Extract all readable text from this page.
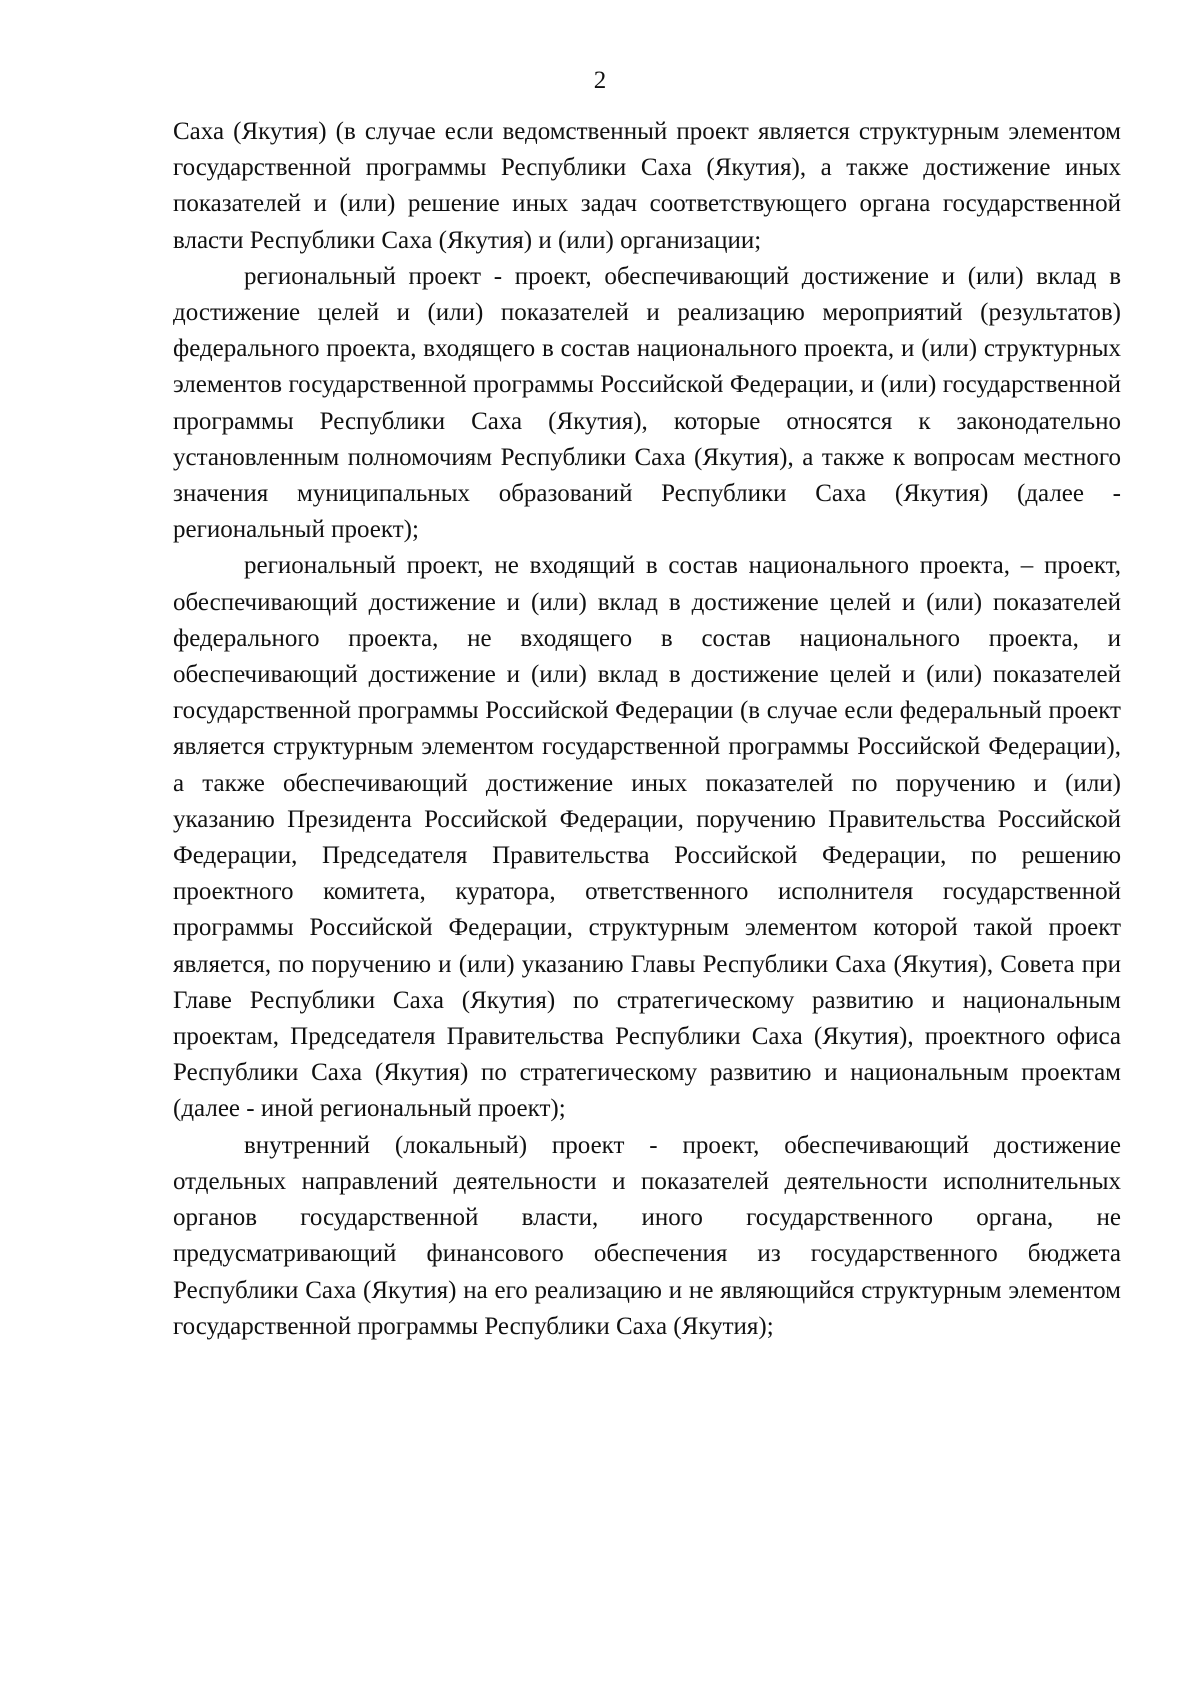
2

Саха (Якутия) (в случае если ведомственный проект является структурным элементом государственной программы Республики Саха (Якутия), а также достижение иных показателей и (или) решение иных задач соответствующего органа государственной власти Республики Саха (Якутия) и (или) организации;

региональный проект - проект, обеспечивающий достижение и (или) вклад в достижение целей и (или) показателей и реализацию мероприятий (результатов) федерального проекта, входящего в состав национального проекта, и (или) структурных элементов государственной программы Российской Федерации, и (или) государственной программы Республики Саха (Якутия), которые относятся к законодательно установленным полномочиям Республики Саха (Якутия), а также к вопросам местного значения муниципальных образований Республики Саха (Якутия) (далее - региональный проект);

региональный проект, не входящий в состав национального проекта, – проект, обеспечивающий достижение и (или) вклад в достижение целей и (или) показателей федерального проекта, не входящего в состав национального проекта, и обеспечивающий достижение и (или) вклад в достижение целей и (или) показателей государственной программы Российской Федерации (в случае если федеральный проект является структурным элементом государственной программы Российской Федерации), а также обеспечивающий достижение иных показателей по поручению и (или) указанию Президента Российской Федерации, поручению Правительства Российской Федерации, Председателя Правительства Российской Федерации, по решению проектного комитета, куратора, ответственного исполнителя государственной программы Российской Федерации, структурным элементом которой такой проект является, по поручению и (или) указанию Главы Республики Саха (Якутия), Совета при Главе Республики Саха (Якутия) по стратегическому развитию и национальным проектам, Председателя Правительства Республики Саха (Якутия), проектного офиса Республики Саха (Якутия) по стратегическому развитию и национальным проектам (далее - иной региональный проект);

внутренний (локальный) проект - проект, обеспечивающий достижение отдельных направлений деятельности и показателей деятельности исполнительных органов государственной власти, иного государственного органа, не предусматривающий финансового обеспечения из государственного бюджета Республики Саха (Якутия) на его реализацию и не являющийся структурным элементом государственной программы Республики Саха (Якутия);
